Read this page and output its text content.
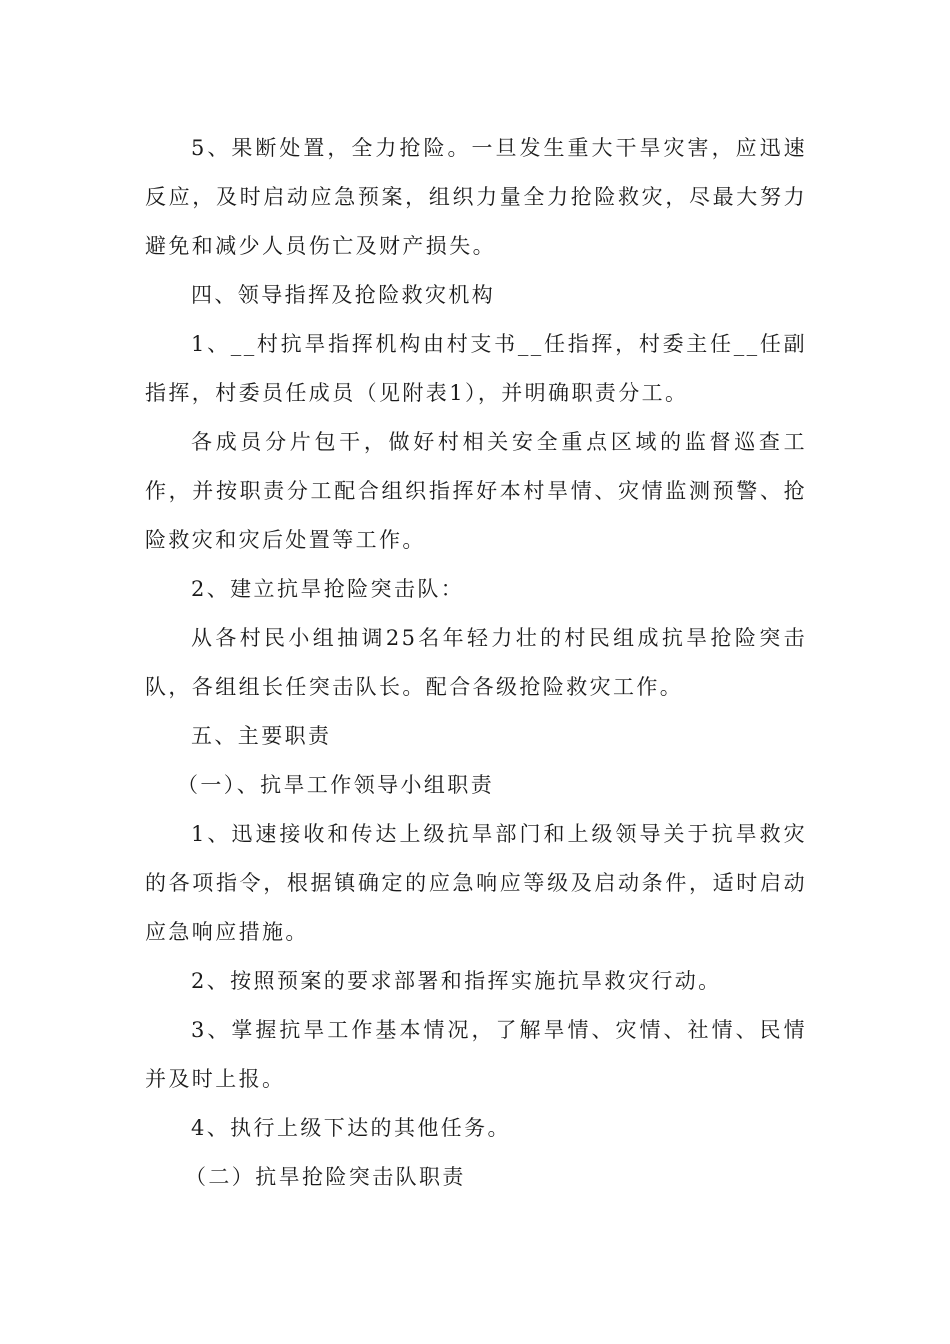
5、果断处置，全力抢险。一旦发生重大干旱灾害，应迅速反应，及时启动应急预案，组织力量全力抢险救灾，尽最大努力避免和减少人员伤亡及财产损失。

四、领导指挥及抢险救灾机构

1、__村抗旱指挥机构由村支书__任指挥，村委主任__任副指挥，村委员任成员（见附表1），并明确职责分工。

各成员分片包干，做好村相关安全重点区域的监督巡查工作，并按职责分工配合组织指挥好本村旱情、灾情监测预警、抢险救灾和灾后处置等工作。

2、建立抗旱抢险突击队：

从各村民小组抽调25名年轻力壮的村民组成抗旱抢险突击队，各组组长任突击队长。配合各级抢险救灾工作。

五、主要职责

（一）、抗旱工作领导小组职责

1、迅速接收和传达上级抗旱部门和上级领导关于抗旱救灾的各项指令，根据镇确定的应急响应等级及启动条件，适时启动应急响应措施。

2、按照预案的要求部署和指挥实施抗旱救灾行动。

3、掌握抗旱工作基本情况，了解旱情、灾情、社情、民情并及时上报。

4、执行上级下达的其他任务。

（二）抗旱抢险突击队职责
